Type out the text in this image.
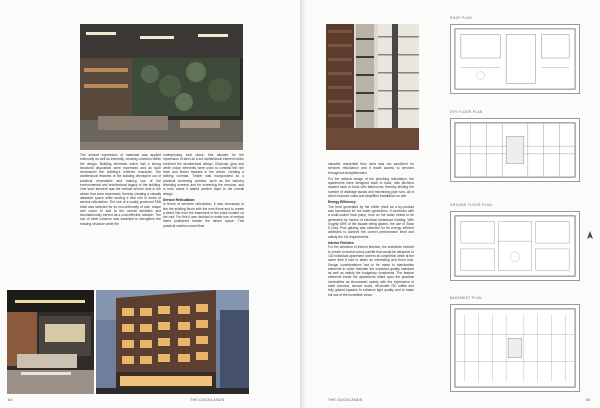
The sensed expression of materials was applied externally as well as internally, creating cohesion within the design. Building elements which had a strong structural disposition were expressed and as such showcased the building's inherent character. The architectural features of the building developed out of practical necessities and making use of the environmental and architectural legacy of the building. One such element was the vertical service duct in the atrium that were expressed, thereby creating a visually attractive space while serving a vital role in terms of service reticulation. The use of a locally produced FBA brick was selected for its non-uniformity of size, shape and colour to add to the overall aesthetic and simultaneously served as a cost-effective solution. The use of steel columns was essential to strengthen the existing structure while the

underpinning took place, this allowed for the expression of steel as a set architectural element which enriched the architectural design. Charcoal, grey and white colour elements were used to contrast the rich brick and timber facades in the atrium, creating a striking contrast. Timber was incorporated as a practical screening solution, such as the balcony shielding screens and for screening the services, and in both cases it added another layer to the overall design.

Service Reticulation

In terms of services reticulation, it was necessary to link the existing floors with the new floors and to create a direct link from the basement to the plant located on the roof. For this it was decided to make use of vertical risers positioned beside the atrium space. This practical solution meant that

64	THE DOCKLANDS

valuable residential floor area was not sacrificed for services reticulation and it made access to services throughout straightforward.

For the rational design of the plumbing reticulation, the apartments were designed back to back, with kitchens located back to back with bathrooms, thereby limiting the number of drainage stacks and minimising pipe runs, all of which reduced costs and simplified installation on site.

Energy Efficiency

The heat generated by the chiller plant as a by-product was harnessed for hot water generation. It combines with a multi-cooled heat pump, thus no hot water needs to be generated by means of electrical resistance heating. With roughly 65% of the façade being glazed, the use of Solar E-Grey Plus glazing was selected for its energy efficient attributes to achieve the correct performance level and satisfy the XA requirements.

Interior Finishes

For the selection of interior finishes, the architects needed to create a neutral colour palette that would be attractive to 130 individual apartment owners at completion while at the same time it had to attain an interesting and fresh look. Design considerations had to be made to standardise elements in order maintain the expected quality standard as well as satisfy the budgetary constraints. The feature elements inside the apartments relied upon the practical necessities as showcased openly with the expression of steel columns, service ducts, off-shutter RC soffits and fully glazed façades to enhance light quality and to make full use of the incredible views.

ROOF PLAN
5TH FLOOR PLAN
GROUND FLOOR PLAN
BASEMENT PLAN
THE DOCKLANDS	65
